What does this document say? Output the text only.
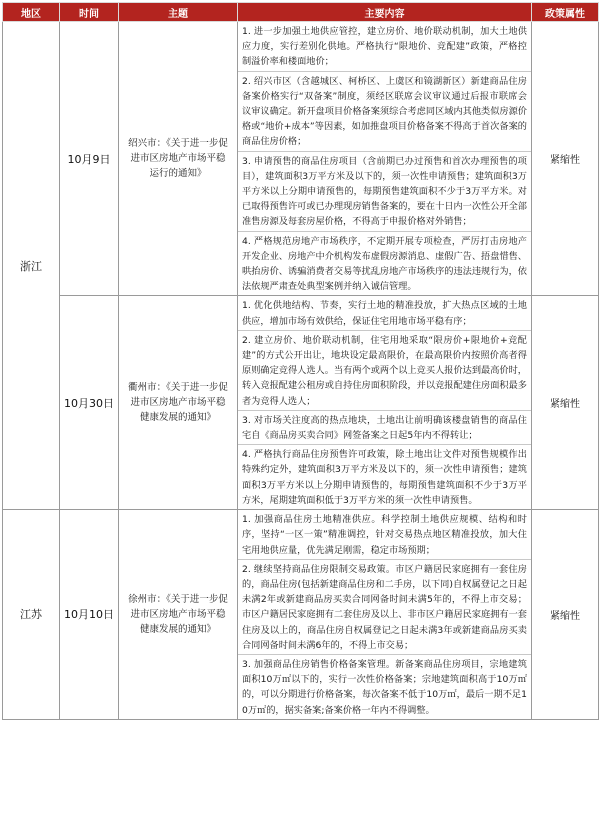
地区	时间	主题	主要内容	政策属性
浙江	10月9日	绍兴市：《关于进一步促进市区房地产市场平稳运行的通知》	1. 进一步加强土地供应管控，建立房价、地价联动机制，加大土地供应力度，实行差别化供地。严格执行“限地价、竞配建”政策，严格控制溢价率和楼面地价；
2. 绍兴市区（含越城区、柯桥区、上虞区和镜湖新区）新建商品住房备案价格实行“双备案”制度，须经区联席会议审议通过后报市联席会议审议确定。新开盘项目价格备案须综合考虑同区域内其他类似房源价格或“地价+成本”等因素，如加推盘项目价格备案不得高于首次备案的商品住房价格；
3. 申请预售的商品住房项目（含前期已办过预售和首次办理预售的项目），建筑面积3万平方米及以下的，须一次性申请预售；建筑面积3万平方米以上分期申请预售的，每期预售建筑面积不少于3万平方米。对已取得预售许可或已办理现房销售备案的，要在十日内一次性公开全部准售房源及每套房屋价格，不得高于申报价格对外销售；
4. 严格规范房地产市场秩序，不定期开展专项检查，严厉打击房地产开发企业、房地产中介机构发布虚假房源消息、虚假广告、捂盘惜售、哄抬房价、诱骗消费者交易等扰乱房地产市场秩序的违法违规行为，依法依规严肃查处典型案例并纳入诚信管理。	紧缩性
	10月30日	衢州市：《关于进一步促进市区房地产市场平稳健康发展的通知》	1. 优化供地结构、节奏，实行土地的精准投放，扩大热点区域的土地供应，增加市场有效供给，保证住宅用地市场平稳有序；
2. 建立房价、地价联动机制，住宅用地采取“限房价+限地价+竞配建”的方式公开出让，地块设定最高限价，在最高限价内按照价高者得原则确定竞得人选人。当有两个或两个以上竞买人报价达到最高价时，转入竞报配建公租房或自持住房面积阶段，并以竞报配建住房面积最多者为竞得人选人；
3. 对市场关注度高的热点地块，土地出让前明确该楼盘销售的商品住宅自《商品房买卖合同》网签备案之日起5年内不得转让；
4. 严格执行商品住房预售许可政策，除土地出让文件对预售规模作出特殊约定外，建筑面积3万平方米及以下的，须一次性申请预售；建筑面积3万平方米以上分期申请预售的，每期预售建筑面积不少于3万平方米，尾期建筑面积低于3万平方米的须一次性申请预售。	紧缩性
江苏	10月10日	徐州市：《关于进一步促进市区房地产市场平稳健康发展的通知》	1. 加强商品住房土地精准供应。科学控制土地供应规模、结构和时序，坚持“一区一策”精准调控，针对交易热点地区精准投放，加大住宅用地供应量，优先满足刚需，稳定市场预期；
2. 继续坚持商品住房限制交易政策。市区户籍居民家庭拥有一套住房的，商品住房(包括新建商品住房和二手房，以下同)自权属登记之日起未满2年或新建商品房买卖合同网备时间未满5年的，不得上市交易；市区户籍居民家庭拥有二套住房及以上、非市区户籍居民家庭拥有一套住房及以上的，商品住房自权属登记之日起未满3年或新建商品房买卖合同网备时间未满6年的，不得上市交易；
3. 加强商品住房销售价格备案管理。新备案商品住房项目，宗地建筑面积10万㎡以下的，实行一次性价格备案；宗地建筑面积高于10万㎡的，可以分期进行价格备案，每次备案不低于10万㎡，最后一期不足10万㎡的，据实备案;备案价格一年内不得调整。	紧缩性
